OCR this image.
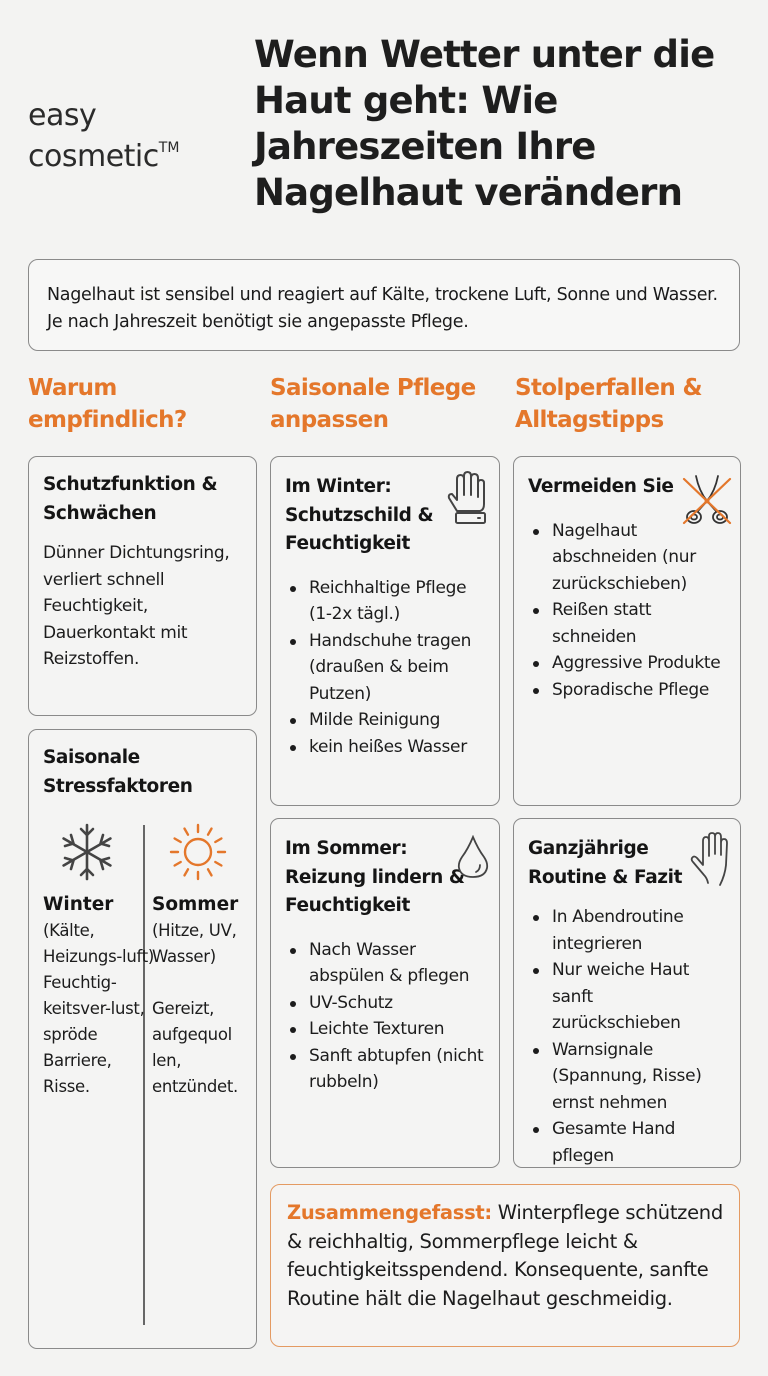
easy
cosmetic™
Wenn Wetter unter die Haut geht: Wie Jahreszeiten Ihre Nagelhaut verändern
Nagelhaut ist sensibel und reagiert auf Kälte, trockene Luft, Sonne und Wasser. Je nach Jahreszeit benötigt sie angepasste Pflege.
Warum empfindlich?
Saisonale Pflege anpassen
Stolperfallen & Alltagstipps
Schutzfunktion & Schwächen
Dünner Dichtungsring, verliert schnell Feuchtigkeit, Dauerkontakt mit Reizstoffen.
Saisonale Stressfaktoren
Winter
(Kälte, Heizungs-luft)
Feuchtig-keitsver-lust, spröde Barriere, Risse.
Sommer
(Hitze, UV, Wasser)
Gereizt, aufgequol len, entzündet.
Im Winter: Schutzschild & Feuchtigkeit
Reichhaltige Pflege (1-2x tägl.)
Handschuhe tragen (draußen & beim Putzen)
Milde Reinigung
kein heißes Wasser
Im Sommer: Reizung lindern & Feuchtigkeit
Nach Wasser abspülen & pflegen
UV-Schutz
Leichte Texturen
Sanft abtupfen (nicht rubbeln)
Vermeiden Sie
Nagelhaut abschneiden (nur zurückschieben)
Reißen statt schneiden
Aggressive Produkte
Sporadische Pflege
Ganzjährige Routine & Fazit
In Abendroutine integrieren
Nur weiche Haut sanft zurückschieben
Warnsignale (Spannung, Risse) ernst nehmen
Gesamte Hand pflegen
Zusammengefasst: Winterpflege schützend & reichhaltig, Sommerpflege leicht & feuchtigkeitsspendend. Konsequente, sanfte Routine hält die Nagelhaut geschmeidig.
